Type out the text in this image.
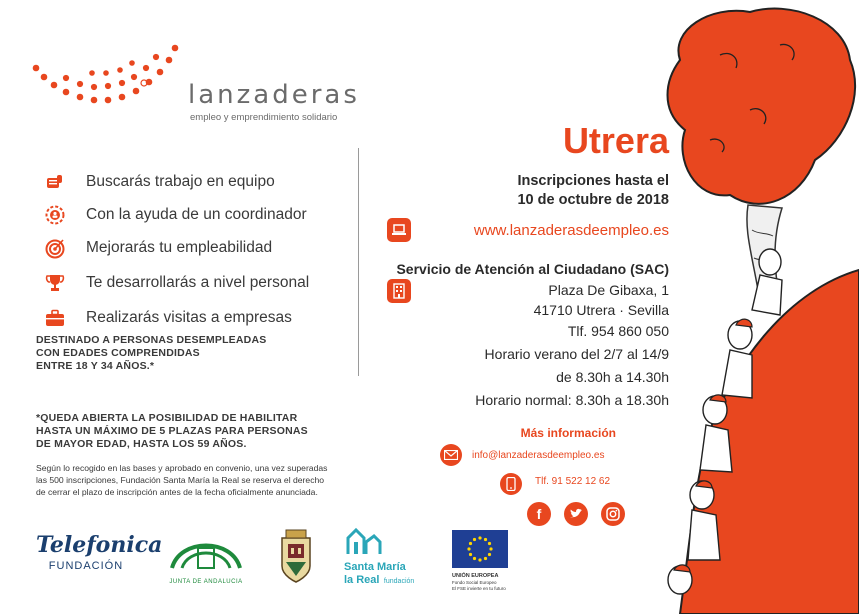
lanzaderas
empleo y emprendimiento solidario
Buscarás trabajo en equipo
Con la ayuda de un coordinador
Mejorarás tu empleabilidad
Te desarrollarás a nivel personal
Realizarás visitas a empresas
DESTINADO A PERSONAS DESEMPLEADAS
CON EDADES COMPRENDIDAS
ENTRE 18 Y 34 AÑOS.*
*QUEDA ABIERTA LA POSIBILIDAD DE HABILITAR
HASTA UN MÁXIMO DE 5 PLAZAS PARA PERSONAS
DE MAYOR EDAD, HASTA LOS 59 AÑOS.
Según lo recogido en las bases y aprobado en convenio, una vez superadas
las 500 inscripciones, Fundación Santa María la Real se reserva el derecho
de cerrar el plazo de inscripción antes de la fecha oficialmente anunciada.
Utrera
Inscripciones hasta el
10 de octubre de 2018
www.lanzaderasdeempleo.es
Servicio de Atención al Ciudadano (SAC)
Plaza De Gibaxa, 1
41710 Utrera · Sevilla
Tlf. 954 860 050
Horario verano del 2/7 al 14/9
de 8.30h a 14.30h
Horario normal: 8.30h a 18.30h
Más información
info@lanzaderasdeempleo.es
Tlf. 91 522 12 62
f
Telefonica
FUNDACIÓN
JUNTA DE ANDALUCIA
Santa María
la Real fundación
UNIÓN EUROPEA
Fondo Social Europeo
El FSE invierte en tu futuro
